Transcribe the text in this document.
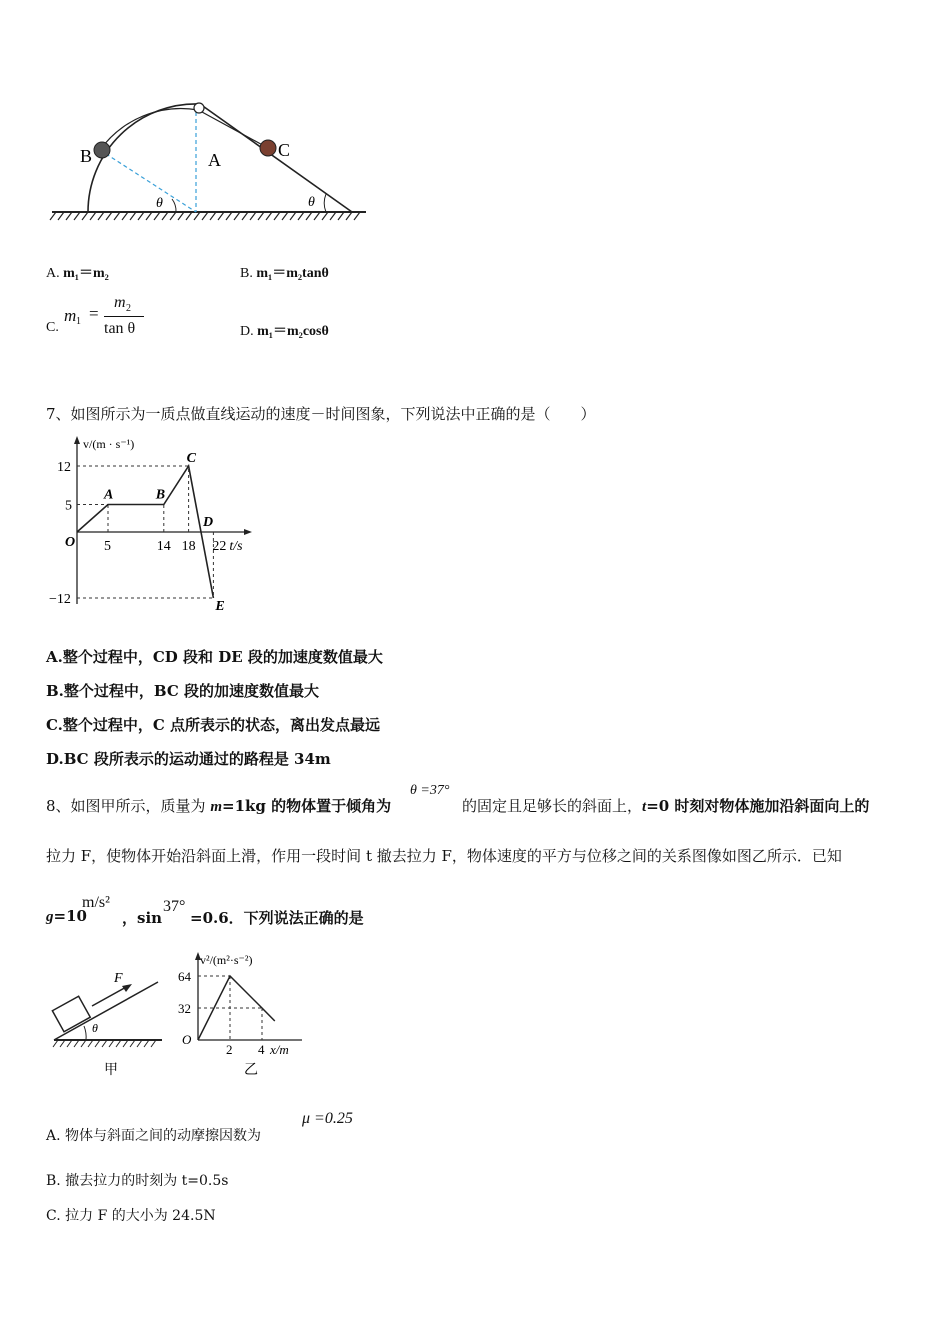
B	A	C
θ	θ
A. m₁＝m₂	B. m₁＝m₂tanθ
C.
m 1 =
m 2
tan θ	D. m₁＝m₂cosθ
7、如图所示为一质点做直线运动的速度－时间图象，下列说法中正确的是（　　）
A	B
C
D
E
O 5	14 18 22 t/s
12
5
−12
v/(m · s⁻¹)
A.整个过程中，CD 段和 DE 段的加速度数值最大
B.整个过程中，BC 段的加速度数值最大
C.整个过程中，C 点所表示的状态，离出发点最远
D.BC 段所表示的运动通过的路程是 34m
8、如图甲所示，质量为 m=1kg 的物体置于倾角为
θ =37°
的固定且足够长的斜面上，t=0 时刻对物体施加沿斜面向上的
拉力 F，使物体开始沿斜面上滑，作用一段时间 t 撤去拉力 F，物体速度的平方与位移之间的关系图像如图乙所示．已知
g=10
m/s²
，sin
37°
=0.6．下列说法正确的是
F
θ
甲
64
32
2 4
O
x/m
v²/(m²·s⁻²)
乙
A. 物体与斜面之间的动摩擦因数为
μ =0.25
B. 撤去拉力的时刻为 t=0.5s
C. 拉力 F 的大小为 24.5N
